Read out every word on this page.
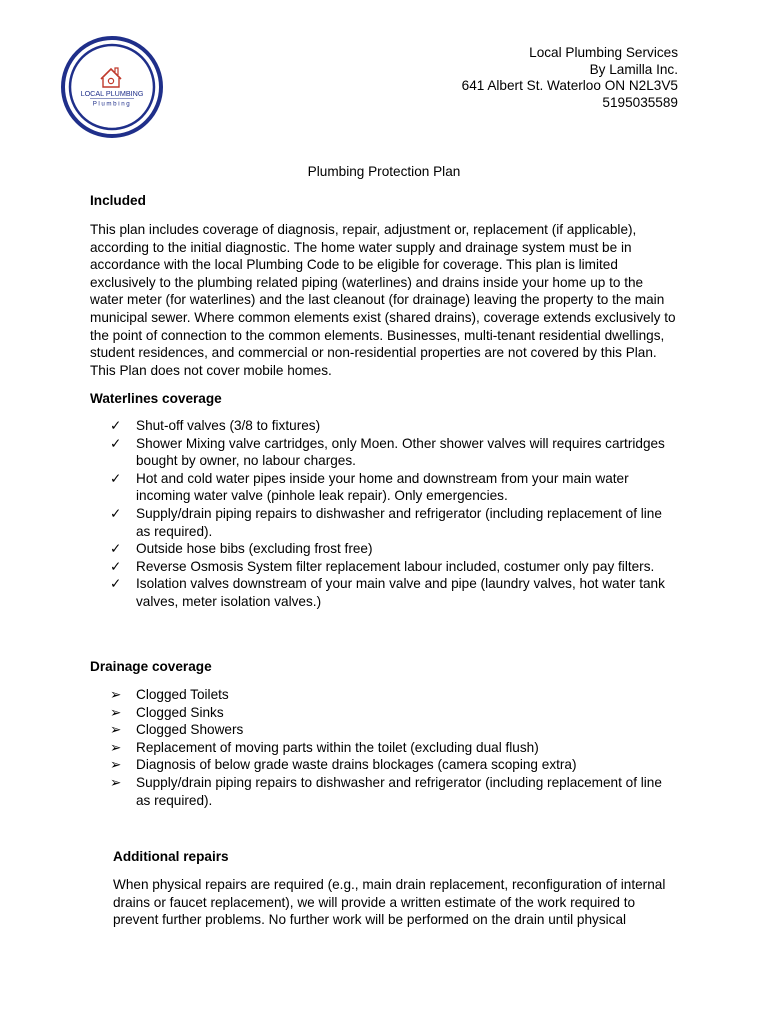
LOCAL PLUMBING
Plumbing
Local Plumbing Services
By Lamilla Inc.
641 Albert St. Waterloo ON N2L3V5
5195035589
Plumbing Protection Plan
Included

This plan includes coverage of diagnosis, repair, adjustment or, replacement (if applicable), according to the initial diagnostic. The home water supply and drainage system must be in accordance with the local Plumbing Code to be eligible for coverage. This plan is limited exclusively to the plumbing related piping (waterlines) and drains inside your home up to the water meter (for waterlines) and the last cleanout (for drainage) leaving the property to the main municipal sewer. Where common elements exist (shared drains), coverage extends exclusively to the point of connection to the common elements. Businesses, multi-tenant residential dwellings, student residences, and commercial or non-residential properties are not covered by this Plan. This Plan does not cover mobile homes.

Waterlines coverage
✓ Shut-off valves (3/8 to fixtures)
✓ Shower Mixing valve cartridges, only Moen. Other shower valves will requires cartridges bought by owner, no labour charges.
✓ Hot and cold water pipes inside your home and downstream from your main water incoming water valve (pinhole leak repair). Only emergencies.
✓ Supply/drain piping repairs to dishwasher and refrigerator (including replacement of line as required).
✓ Outside hose bibs (excluding frost free)
✓ Reverse Osmosis System filter replacement labour included, costumer only pay filters.
✓ Isolation valves downstream of your main valve and pipe (laundry valves, hot water tank valves, meter isolation valves.)
Drainage coverage
➢ Clogged Toilets
➢ Clogged Sinks
➢ Clogged Showers
➢ Replacement of moving parts within the toilet (excluding dual flush)
➢ Diagnosis of below grade waste drains blockages (camera scoping extra)
➢ Supply/drain piping repairs to dishwasher and refrigerator (including replacement of line as required).
Additional repairs

When physical repairs are required (e.g., main drain replacement, reconfiguration of internal drains or faucet replacement), we will provide a written estimate of the work required to prevent further problems. No further work will be performed on the drain until physical
